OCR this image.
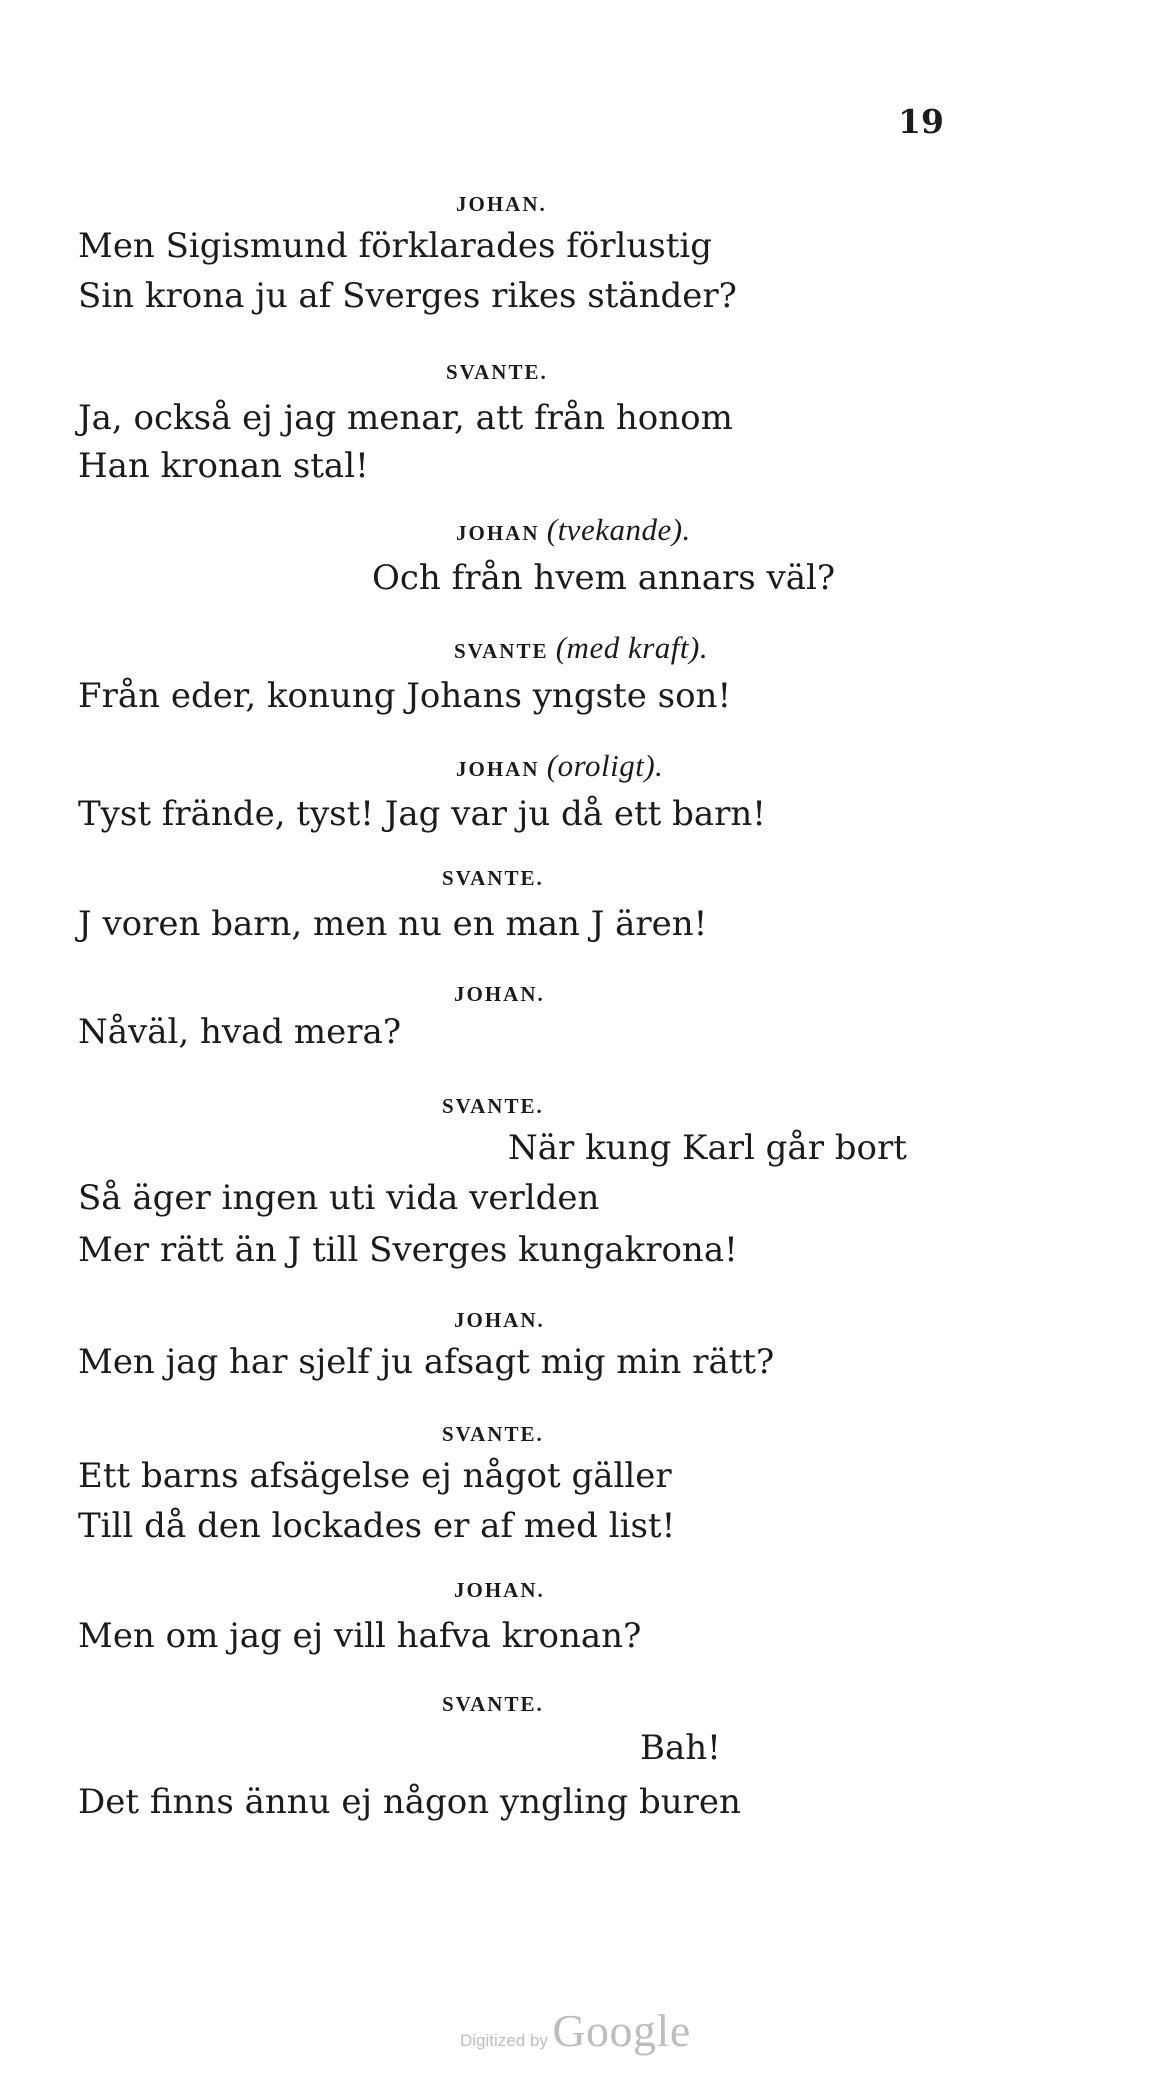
19
JOHAN.
SVANTE.
JOHAN (tvekande).
SVANTE (med kraft).
JOHAN (oroligt).
SVANTE.
JOHAN.
SVANTE.
JOHAN.
SVANTE.
JOHAN.
SVANTE.
Men Sigismund förklarades förlustig
Sin krona ju af Sverges rikes ständer?
Ja, också ej jag menar, att från honom
Han kronan stal!
Och från hvem annars väl?
Från eder, konung Johans yngste son!
Tyst frände, tyst! Jag var ju då ett barn!
J voren barn, men nu en man J ären!
Nåväl, hvad mera?
När kung Karl går bort
Så äger ingen uti vida verlden
Mer rätt än J till Sverges kungakrona!
Men jag har sjelf ju afsagt mig min rätt?
Ett barns afsägelse ej något gäller
Till då den lockades er af med list!
Men om jag ej vill hafva kronan?
Bah!
Det finns ännu ej någon yngling buren
Digitized by Google
